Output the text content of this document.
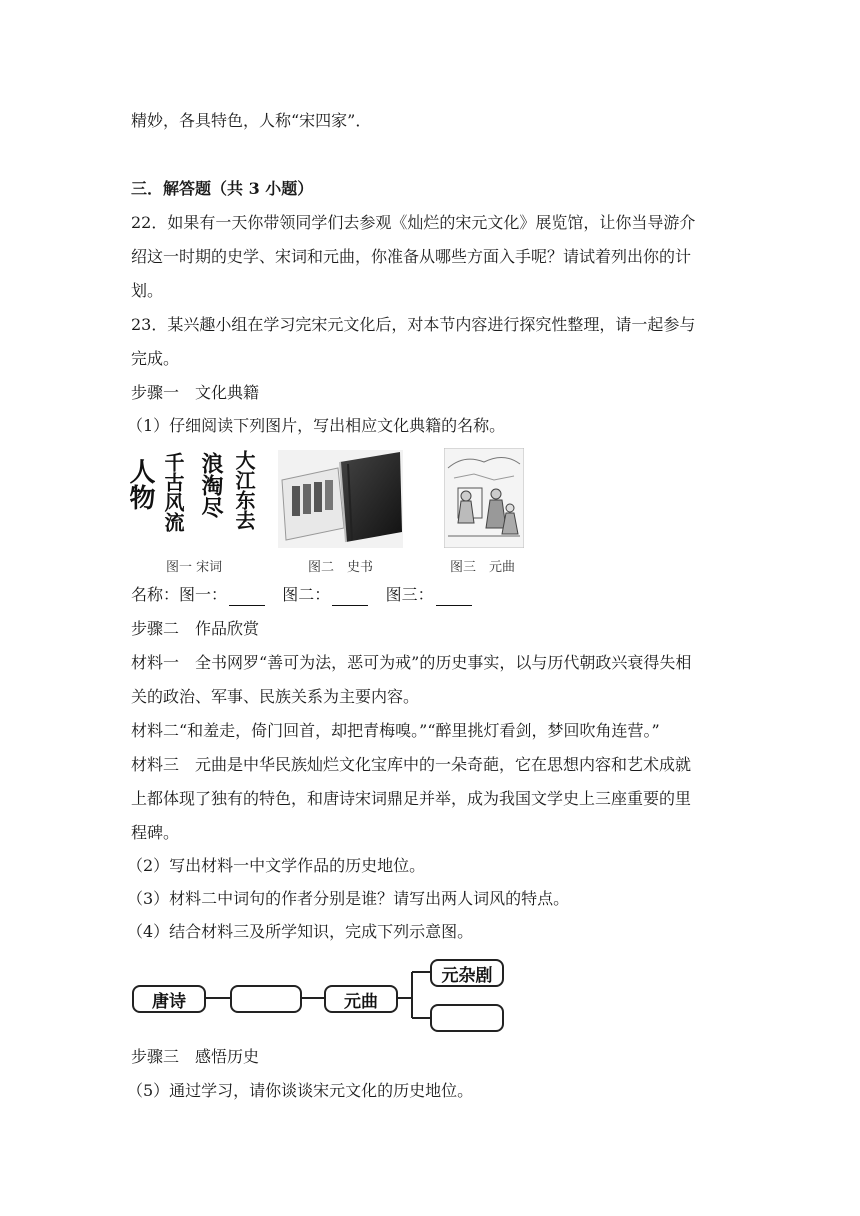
精妙，各具特色，人称“宋四家”．
三．解答题（共 3 小题）
22．如果有一天你带领同学们去参观《灿烂的宋元文化》展览馆，让你当导游介
绍这一时期的史学、宋词和元曲，你准备从哪些方面入手呢？请试着列出你的计
划。
23．某兴趣小组在学习完宋元文化后，对本节内容进行探究性整理，请一起参与
完成。
步骤一　文化典籍
（1）仔细阅读下列图片，写出相应文化典籍的名称。
人物 千古风流 浪淘尽 大江东去
图一 宋词	图二　史书	图三　元曲
名称：图一：	图二：	图三：
步骤二　作品欣赏
材料一　全书网罗“善可为法，恶可为戒”的历史事实，以与历代朝政兴衰得失相
关的政治、军事、民族关系为主要内容。
材料二“和羞走，倚门回首，却把青梅嗅。”“醉里挑灯看剑，梦回吹角连营。”
材料三　元曲是中华民族灿烂文化宝库中的一朵奇葩，它在思想内容和艺术成就
上都体现了独有的特色，和唐诗宋词鼎足并举，成为我国文学史上三座重要的里
程碑。
（2）写出材料一中文学作品的历史地位。
（3）材料二中词句的作者分别是谁？请写出两人词风的特点。
（4）结合材料三及所学知识，完成下列示意图。
唐诗	元曲
元杂剧
步骤三　感悟历史
（5）通过学习，请你谈谈宋元文化的历史地位。
